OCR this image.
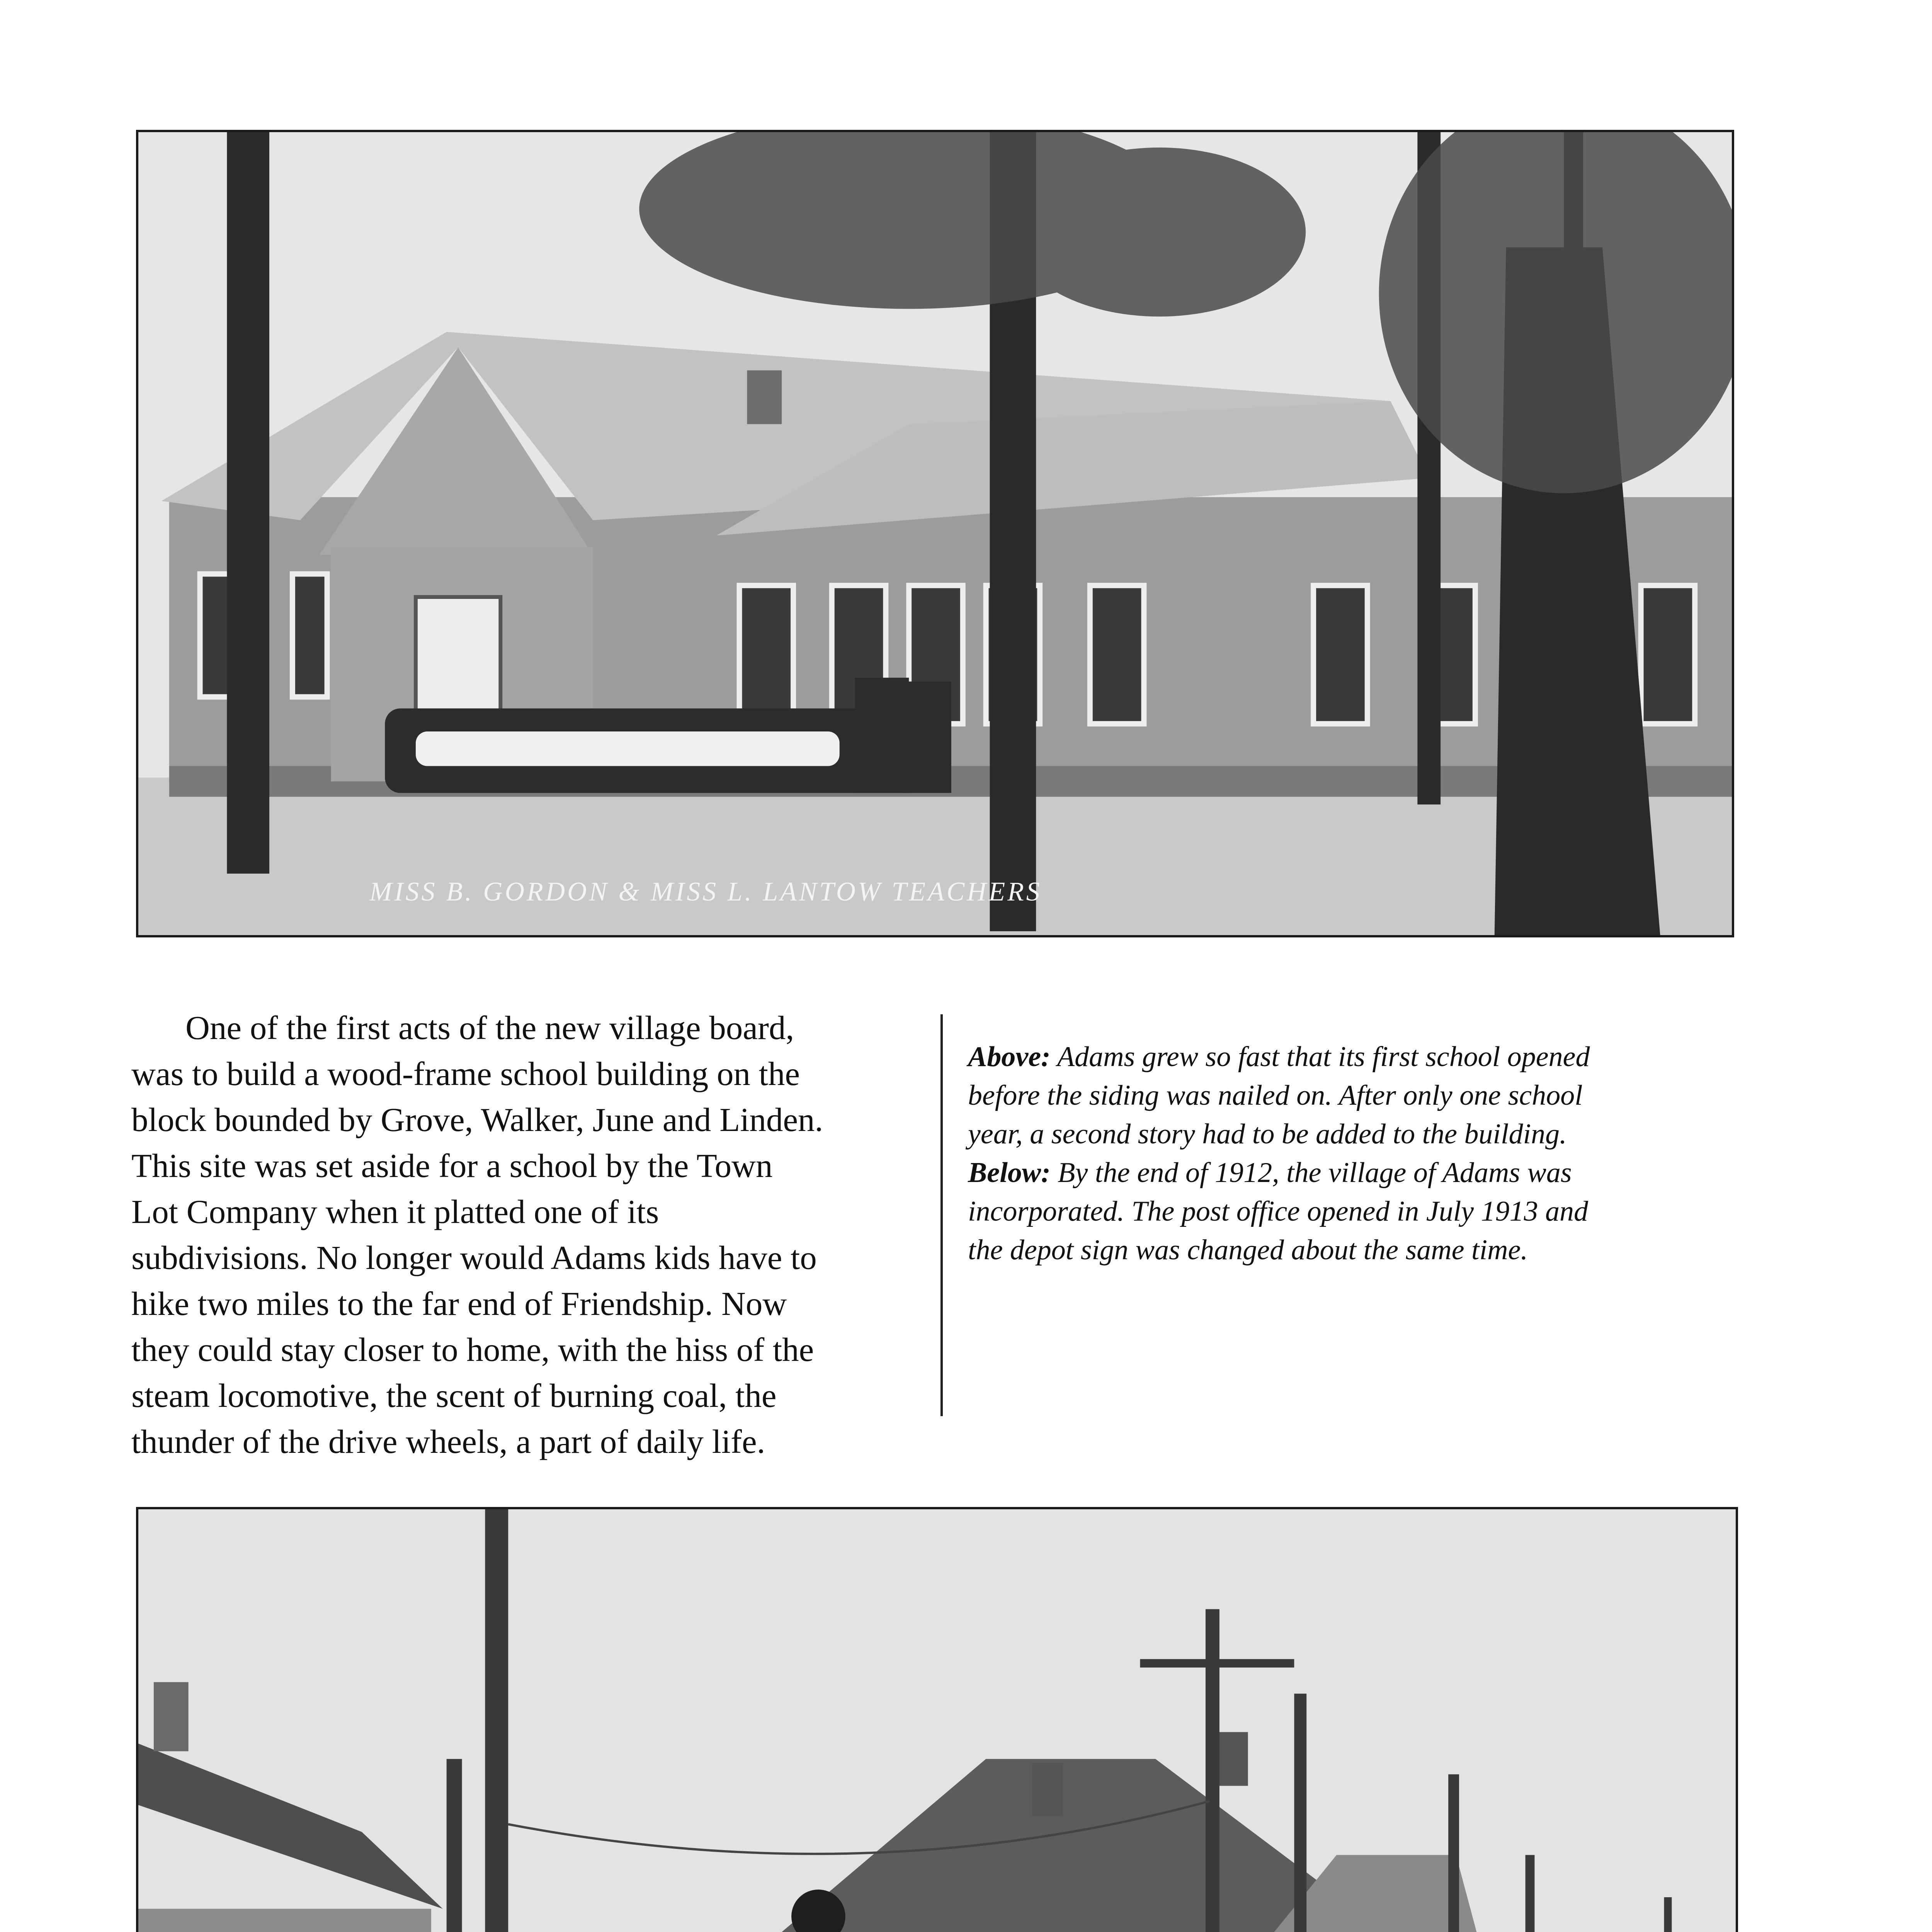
MISS B. GORDON & MISS L. LANTOW TEACHERS

One of the first acts of the new village board, was to build a wood-frame school building on the block bounded by Grove, Walker, June and Linden. This site was set aside for a school by the Town Lot Company when it platted one of its subdivisions. No longer would Adams kids have to hike two miles to the far end of Friendship. Now they could stay closer to home, with the hiss of the steam locomotive, the scent of burning coal, the thunder of the drive wheels, a part of daily life.

Above: Adams grew so fast that its first school opened before the siding was nailed on. After only one school year, a second story had to be added to the building.
Below: By the end of 1912, the village of Adams was incorporated. The post office opened in July 1913 and the depot sign was changed about the same time.
